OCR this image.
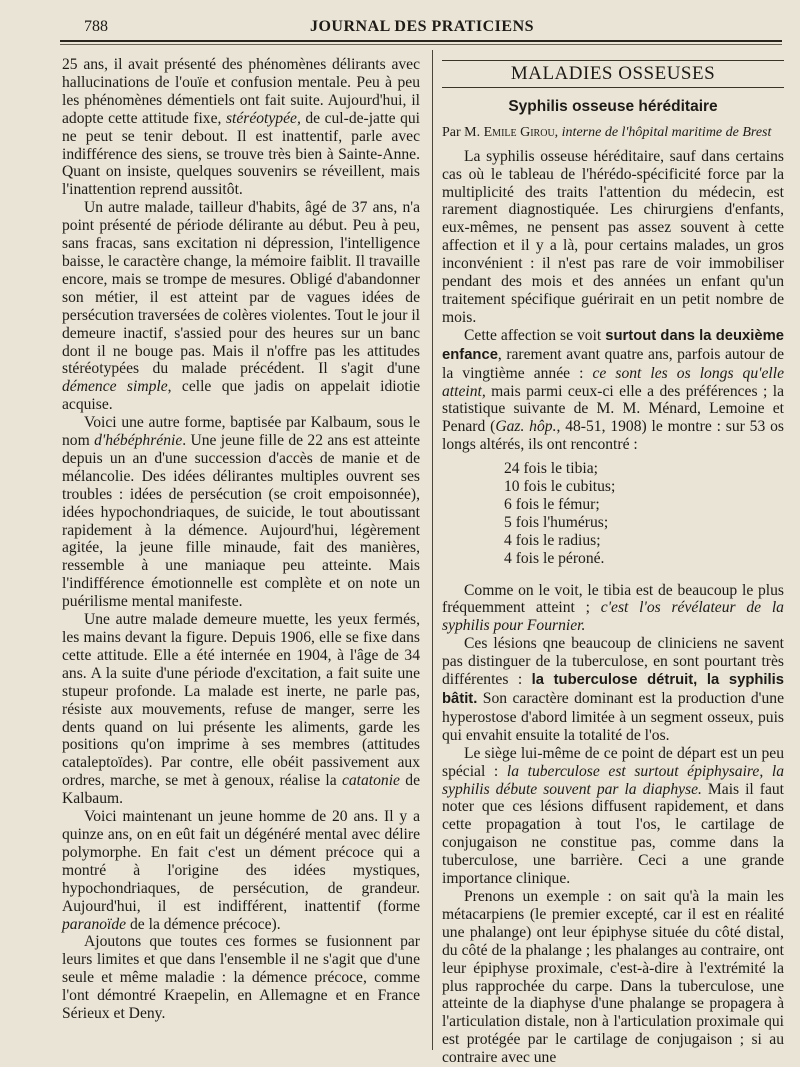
788	JOURNAL DES PRATICIENS

25 ans, il avait présenté des phénomènes délirants avec hallucinations de l'ouïe et confusion mentale. Peu à peu les phénomènes démentiels ont fait suite. Aujourd'hui, il adopte cette attitude fixe, stéréotypée, de cul-de-jatte qui ne peut se tenir debout. Il est inattentif, parle avec indifférence des siens, se trouve très bien à Sainte-Anne. Quant on insiste, quelques souvenirs se réveillent, mais l'inattention reprend aussitôt.

Un autre malade, tailleur d'habits, âgé de 37 ans, n'a point présenté de période délirante au début. Peu à peu, sans fracas, sans excitation ni dépression, l'intelligence baisse, le caractère change, la mémoire faiblit. Il travaille encore, mais se trompe de mesures. Obligé d'abandonner son métier, il est atteint par de vagues idées de persécution traversées de colères violentes. Tout le jour il demeure inactif, s'assied pour des heures sur un banc dont il ne bouge pas. Mais il n'offre pas les attitudes stéréotypées du malade précédent. Il s'agit d'une démence simple, celle que jadis on appelait idiotie acquise.

Voici une autre forme, baptisée par Kalbaum, sous le nom d'hébéphrénie. Une jeune fille de 22 ans est atteinte depuis un an d'une succession d'accès de manie et de mélancolie. Des idées délirantes multiples ouvrent ses troubles : idées de persécution (se croit empoisonnée), idées hypochondriaques, de suicide, le tout aboutissant rapidement à la démence. Aujourd'hui, légèrement agitée, la jeune fille minaude, fait des manières, ressemble à une maniaque peu atteinte. Mais l'indifférence émotionnelle est complète et on note un puérilisme mental manifeste.

Une autre malade demeure muette, les yeux fermés, les mains devant la figure. Depuis 1906, elle se fixe dans cette attitude. Elle a été internée en 1904, à l'âge de 34 ans. A la suite d'une période d'excitation, a fait suite une stupeur profonde. La malade est inerte, ne parle pas, résiste aux mouvements, refuse de manger, serre les dents quand on lui présente les aliments, garde les positions qu'on imprime à ses membres (attitudes cataleptoïdes). Par contre, elle obéit passivement aux ordres, marche, se met à genoux, réalise la catatonie de Kalbaum.

Voici maintenant un jeune homme de 20 ans. Il y a quinze ans, on en eût fait un dégénéré mental avec délire polymorphe. En fait c'est un dément précoce qui a montré à l'origine des idées mystiques, hypochondriaques, de persécution, de grandeur. Aujourd'hui, il est indifférent, inattentif (forme paranoïde de la démence précoce).

Ajoutons que toutes ces formes se fusionnent par leurs limites et que dans l'ensemble il ne s'agit que d'une seule et même maladie : la démence précoce, comme l'ont démontré Kraepelin, en Allemagne et en France Sérieux et Deny.

MALADIES OSSEUSES
Syphilis osseuse héréditaire
Par M. Emile Girou, interne de l'hôpital maritime de Brest

La syphilis osseuse héréditaire, sauf dans certains cas où le tableau de l'hérédo-spécificité force par la multiplicité des traits l'attention du médecin, est rarement diagnostiquée. Les chirurgiens d'enfants, eux-mêmes, ne pensent pas assez souvent à cette affection et il y a là, pour certains malades, un gros inconvénient : il n'est pas rare de voir immobiliser pendant des mois et des années un enfant qu'un traitement spécifique guérirait en un petit nombre de mois.

Cette affection se voit surtout dans la deuxième enfance, rarement avant quatre ans, parfois autour de la vingtième année : ce sont les os longs qu'elle atteint, mais parmi ceux-ci elle a des préférences ; la statistique suivante de M. M. Ménard, Lemoine et Penard (Gaz. hôp., 48-51, 1908) le montre : sur 53 os longs altérés, ils ont rencontré :

24 fois le tibia;
10 fois le cubitus;
6 fois le fémur;
5 fois l'humérus;
4 fois le radius;
4 fois le péroné.

Comme on le voit, le tibia est de beaucoup le plus fréquemment atteint ; c'est l'os révélateur de la syphilis pour Fournier.

Ces lésions qne beaucoup de cliniciens ne savent pas distinguer de la tuberculose, en sont pourtant très différentes : la tuberculose détruit, la syphilis bâtit. Son caractère dominant est la production d'une hyperostose d'abord limitée à un segment osseux, puis qui envahit ensuite la totalité de l'os.

Le siège lui-même de ce point de départ est un peu spécial : la tuberculose est surtout épiphysaire, la syphilis débute souvent par la diaphyse. Mais il faut noter que ces lésions diffusent rapidement, et dans cette propagation à tout l'os, le cartilage de conjugaison ne constitue pas, comme dans la tuberculose, une barrière. Ceci a une grande importance clinique.

Prenons un exemple : on sait qu'à la main les métacarpiens (le premier excepté, car il est en réalité une phalange) ont leur épiphyse située du côté distal, du côté de la phalange ; les phalanges au contraire, ont leur épiphyse proximale, c'est-à-dire à l'extrémité la plus rapprochée du carpe. Dans la tuberculose, une atteinte de la diaphyse d'une phalange se propagera à l'articulation distale, non à l'articulation proximale qui est protégée par le cartilage de conjugaison ; si au contraire avec une
